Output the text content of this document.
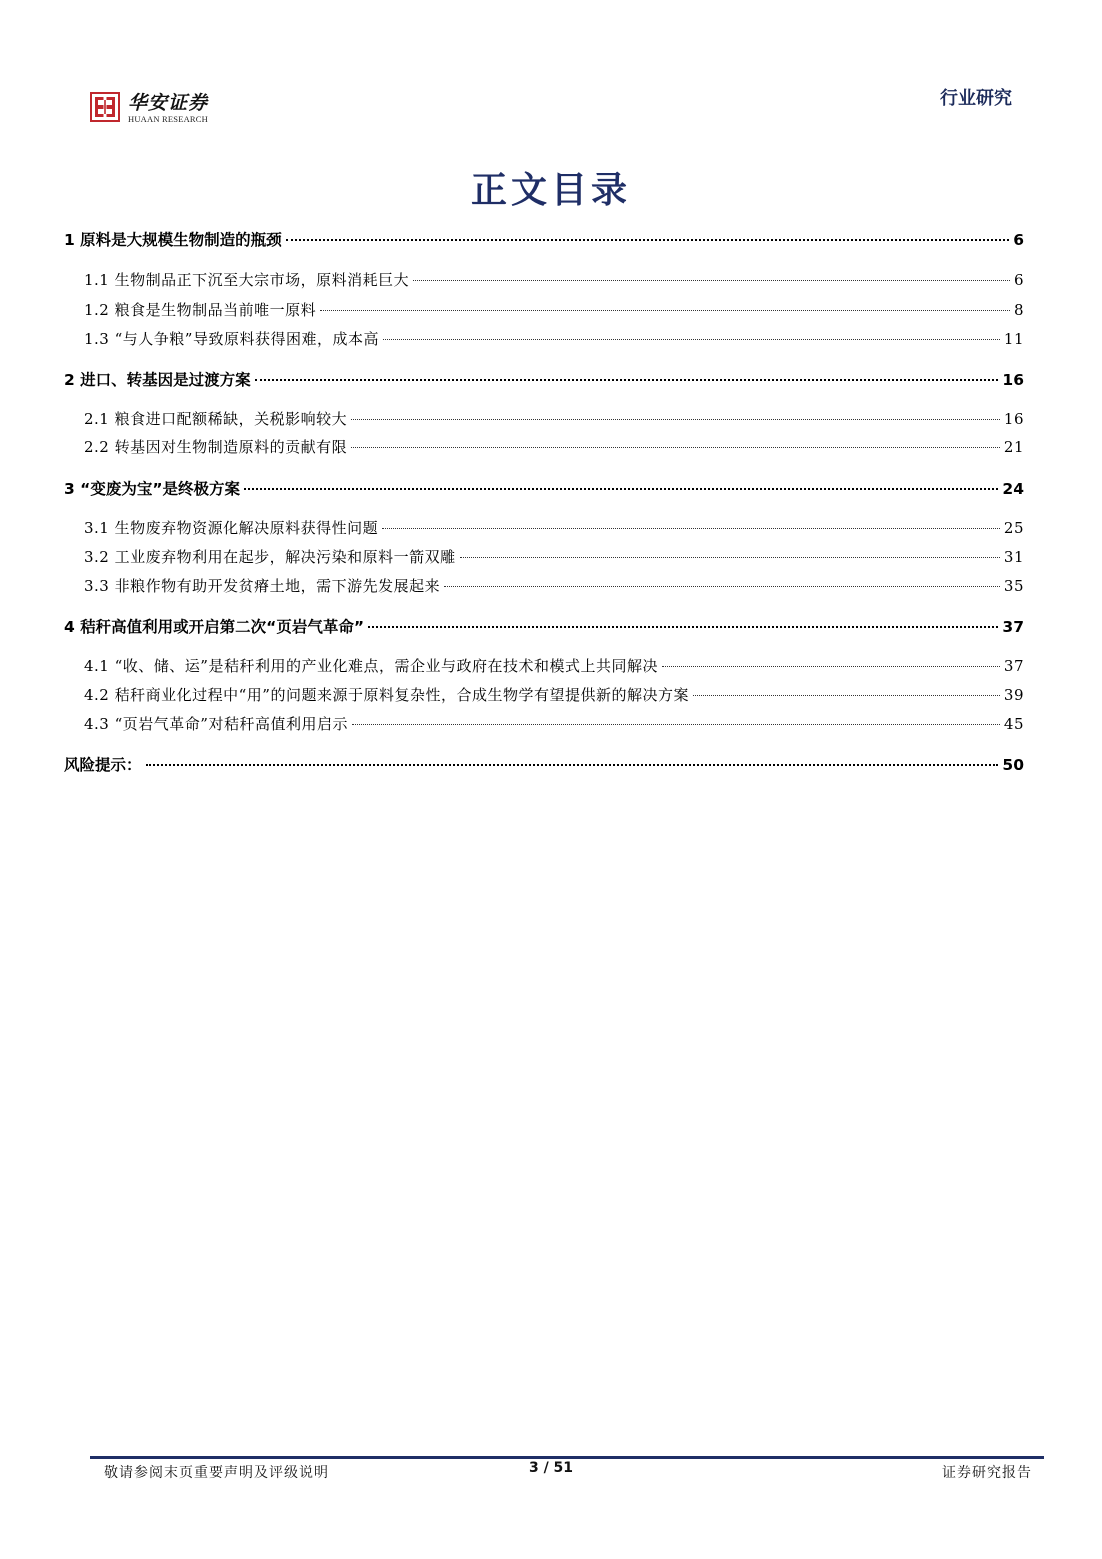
华安证券
HUAAN RESEARCH
行业研究
正文目录
1 原料是大规模生物制造的瓶颈	6
1.1 生物制品正下沉至大宗市场，原料消耗巨大	6
1.2 粮食是生物制品当前唯一原料	8
1.3 “与人争粮”导致原料获得困难，成本高	11
2 进口、转基因是过渡方案	16
2.1 粮食进口配额稀缺，关税影响较大	16
2.2 转基因对生物制造原料的贡献有限	21
3 “变废为宝”是终极方案	24
3.1 生物废弃物资源化解决原料获得性问题	25
3.2 工业废弃物利用在起步，解决污染和原料一箭双雕	31
3.3 非粮作物有助开发贫瘠土地，需下游先发展起来	35
4 秸秆高值利用或开启第二次“页岩气革命”	37
4.1 “收、储、运”是秸秆利用的产业化难点，需企业与政府在技术和模式上共同解决	37
4.2 秸秆商业化过程中“用”的问题来源于原料复杂性，合成生物学有望提供新的解决方案	39
4.3 “页岩气革命”对秸秆高值利用启示	45
风险提示：	50
敬请参阅末页重要声明及评级说明	3 / 51	证券研究报告
